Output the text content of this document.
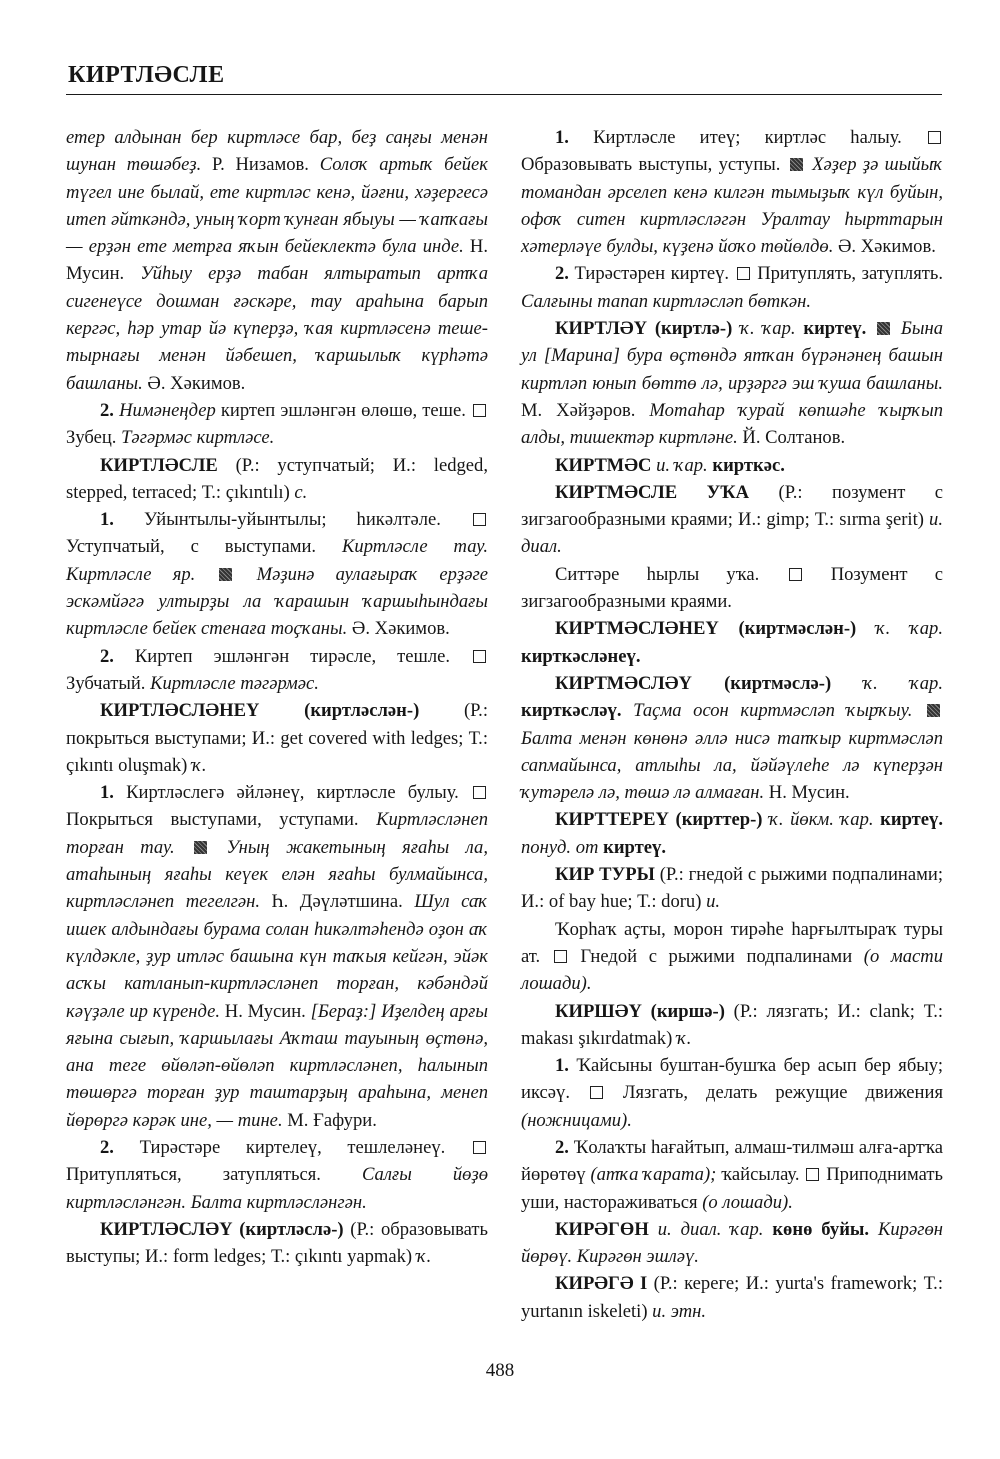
КИРТЛӘСЛЕ

етер алдынан бер киртләсе бар, беҙ саңғы менән шунан төшәбеҙ. Р. Низамов. Солоҡ артыҡ бейек түгел ине былай, ете киртләс кенә, йәғни, хәҙергесә итеп әйткәндә, уның ҡорт ҡунған ябыуы — ҡапҡағы — ерҙән ете метрға яҡын бейеклектә була инде. Н. Мусин. Уйһыу ерҙә табан ялтыратып артҡа сигенеүсе дошман ғәскәре, тау араһына барып кергәс, һәр утар йә күперҙә, ҡая киртләсенә теше-тырнағы менән йәбешеп, ҡаршылыҡ күрһәтә башланы. Ә. Хәкимов.

2. Нимәнеңдер киртеп эшләнгән өлөшө, теше.  Зубец. Тәгәрмәс киртләсе.

КИРТЛӘСЛЕ (Р.: уступчатый; И.: ledged, stepped, terraced; Т.: çıkıntılı) с.

1. Уйынтылы-уйынтылы; һикәлтәле.  Уступчатый, с выступами. Киртләсле тау. Киртләсле яр.	Мәҙинә аулағыраҡ ерҙәге эскәмйәгә ултырҙы ла ҡарашын ҡаршыһындағы киртләсле бейек стенаға тоҫҡаны. Ә. Хәкимов.

2. Киртеп эшләнгән тирәсле, тешле.  Зубчатый. Киртләсле тәгәрмәс.

КИРТЛӘСЛӘНЕҮ (киртләслән-) (Р.: покрыться выступами; И.: get covered with ledges; Т.: çıkıntı oluşmak) ҡ.

1. Киртләслегә әйләнеү, киртләсле булыу.  Покрыться выступами, уступами. Киртләсләнеп торған тау.	Уның жакетының яғаһы ла, атаһының яғаһы кеүек елән яғаһы булмайынса, киртләсләнеп тегелгән. Һ. Дәүләтшина. Шул саҡ ишек алдындағы бурама солан һикәлтәһендә оҙон аҡ күлдәкле, ҙур итләс башына күн таҡыя кейгән, эйәк асҡы катланып-киртләсләнеп торған, кәбәндәй кәүҙәле ир күренде. Н. Мусин. [Бераҙ:] Иҙелдең арғы яғына сығып, ҡаршылағы Аҡташ тауының өҫтөнә, ана теге өйөләп-өйөләп киртләсләнеп, һалынып төшөргә торған ҙур таштарҙың араһына, менеп йөрөргә кәрәк ине, — тине. М. Ғафури.

2. Тирәстәре киртелеү, тешлеләнеү.  Притупляться, затупляться. Салғы йөҙө киртләсләнгән. Балта киртләсләнгән.

КИРТЛӘСЛӘҮ (киртләслә-) (Р.: образовывать выступы; И.: form ledges; Т.: çıkıntı yapmak) ҡ.

1. Киртләсле итеү; киртләс һалыу.  Образовывать выступы, уступы.  Хәҙер ҙә шыйыҡ томандан әрселеп кенә килгән тымыҙыҡ күл буйын, офоҡ ситен киртләсләгән Уралтау һырттарын хәтерләүе булды, күҙенә йоҡо төйөлдө. Ә. Хәкимов.

2. Тирәстәрен киртеү.  Притуплять, затуплять. Салғыны тапап киртләсләп бөткән.

КИРТЛӘҮ (киртлә-) ҡ. ҡар. киртеү. Бына ул [Марина] бура өҫтөндә ятҡан бүрәнәнең башын киртләп юнып бөттө лә, ирҙәргә эш ҡуша башланы. М. Хәйҙәров. Мотаһар ҡурай көпшәһе ҡырҡып алды, тишектәр киртләне. Й. Солтанов.

КИРТМӘС и. ҡар. кирткәс.

КИРТМӘСЛЕ УҠА (Р.: позумент с зигзагообразными краями; И.: gimp; Т.: sırma şerit) и. диал.

Ситтәре һырлы уҡа.  Позумент с зигзагообразными краями.

КИРТМӘСЛӘНЕҮ (киртмәслән-) ҡ. ҡар. кирткәсләнеү.

КИРТМӘСЛӘҮ (киртмәслә-) ҡ. ҡар. кирткәсләү. Таҫма осон киртмәсләп ҡырҡыу.  Балта менән көнөнә әллә нисә тапҡыр киртмәсләп сапмайынса, атлыһы ла, йәйәүлеһе лә күперҙән ҡутәрелә лә, төшә лә алмаған. Н. Мусин.

КИРТТЕРЕҮ (кирттер-) ҡ. йөкм. ҡар. киртеү. понуд. от киртеү.

КИР ТУРЫ (Р.: гнедой с рыжими подпалинами; И.: of bay hue; Т.: doru) и.

Ҡорһаҡ аҫты, морон тирәһе һарғылтыраҡ туры ат.  Гнедой с рыжими подпалинами (о масти лошади).

КИРШӘҮ (киршә-) (Р.: лязгать; И.: clank; Т.: makası şıkırdatmak) ҡ.

1. Ҡайсыны буштан-бушҡа бер асып бер ябыу; иксәү.  Лязгать, делать режущие движения (ножницами).

2. Ҡолаҡты һағайтып, алмаш-тилмәш алға-артҡа йөрөтөү (атҡа ҡарата); ҡайсылау.  Приподнимать уши, настораживаться (о лошади).

КИРӘГӨН и. диал. ҡар. көнө буйы. Кирәгөн йөрөү. Кирәгөн эшләү.

КИРӘГӘ I (Р.: кереге; И.: yurta's framework; Т.: yurtanın iskeleti) и. этн.

488
